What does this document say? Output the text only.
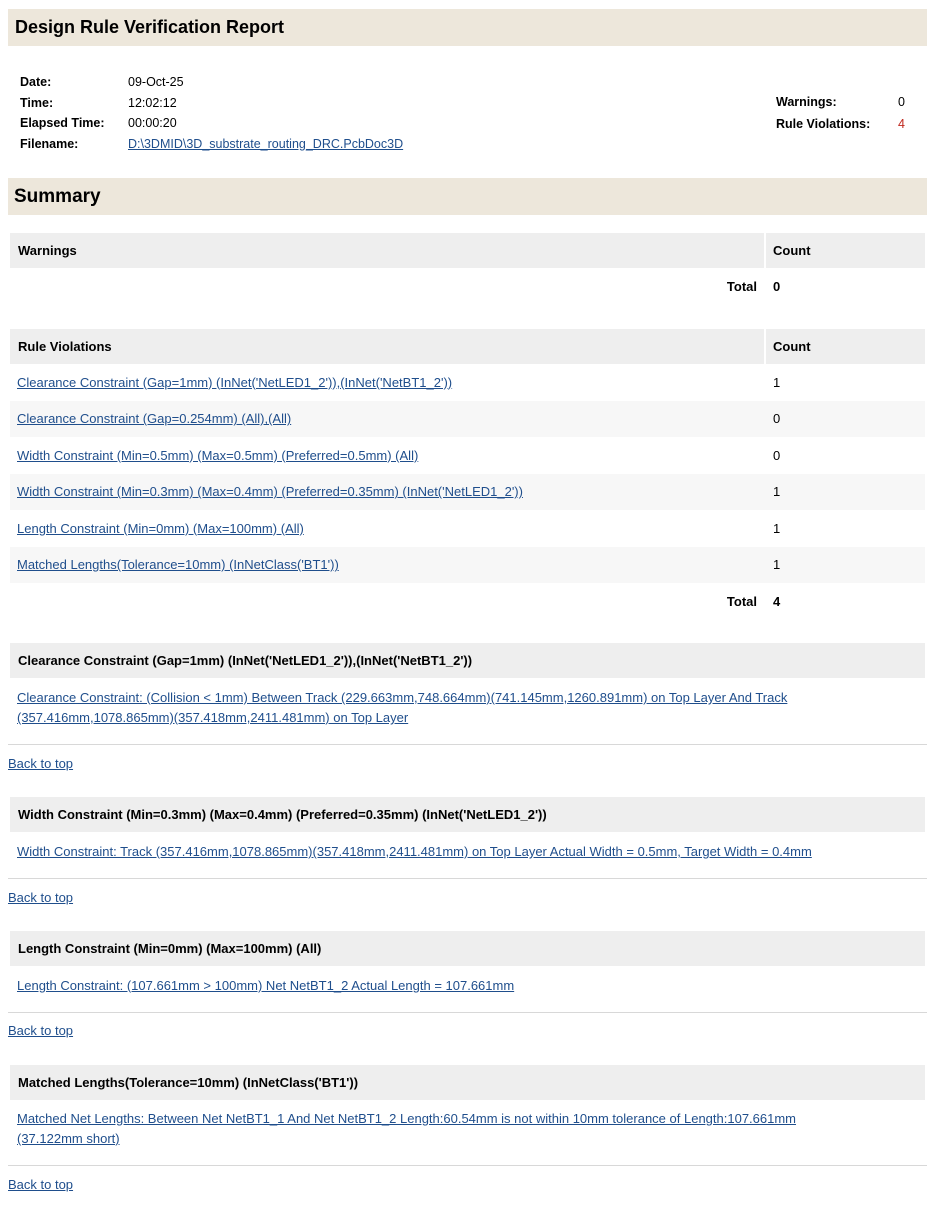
Design Rule Verification Report
Date:	09-Oct-25
Time:	12:02:12
Elapsed Time:	00:00:20
Filename:	D:\3DMID\3D_substrate_routing_DRC.PcbDoc3D
Warnings:	0
Rule Violations:	4
Summary
Warnings	Count
Total	0
Rule Violations	Count
Clearance Constraint (Gap=1mm) (InNet('NetLED1_2')),(InNet('NetBT1_2'))	1
Clearance Constraint (Gap=0.254mm) (All),(All)	0
Width Constraint (Min=0.5mm) (Max=0.5mm) (Preferred=0.5mm) (All)	0
Width Constraint (Min=0.3mm) (Max=0.4mm) (Preferred=0.35mm) (InNet('NetLED1_2'))	1
Length Constraint (Min=0mm) (Max=100mm) (All)	1
Matched Lengths(Tolerance=10mm) (InNetClass('BT1'))	1
Total	4
Clearance Constraint (Gap=1mm) (InNet('NetLED1_2')),(InNet('NetBT1_2'))
Clearance Constraint: (Collision < 1mm) Between Track (229.663mm,748.664mm)(741.145mm,1260.891mm) on Top Layer And Track
(357.416mm,1078.865mm)(357.418mm,2411.481mm) on Top Layer
Back to top
Width Constraint (Min=0.3mm) (Max=0.4mm) (Preferred=0.35mm) (InNet('NetLED1_2'))
Width Constraint: Track (357.416mm,1078.865mm)(357.418mm,2411.481mm) on Top Layer Actual Width = 0.5mm, Target Width = 0.4mm
Back to top
Length Constraint (Min=0mm) (Max=100mm) (All)
Length Constraint: (107.661mm > 100mm) Net NetBT1_2 Actual Length = 107.661mm
Back to top
Matched Lengths(Tolerance=10mm) (InNetClass('BT1'))
Matched Net Lengths: Between Net NetBT1_1 And Net NetBT1_2 Length:60.54mm is not within 10mm tolerance of Length:107.661mm
(37.122mm short)
Back to top
